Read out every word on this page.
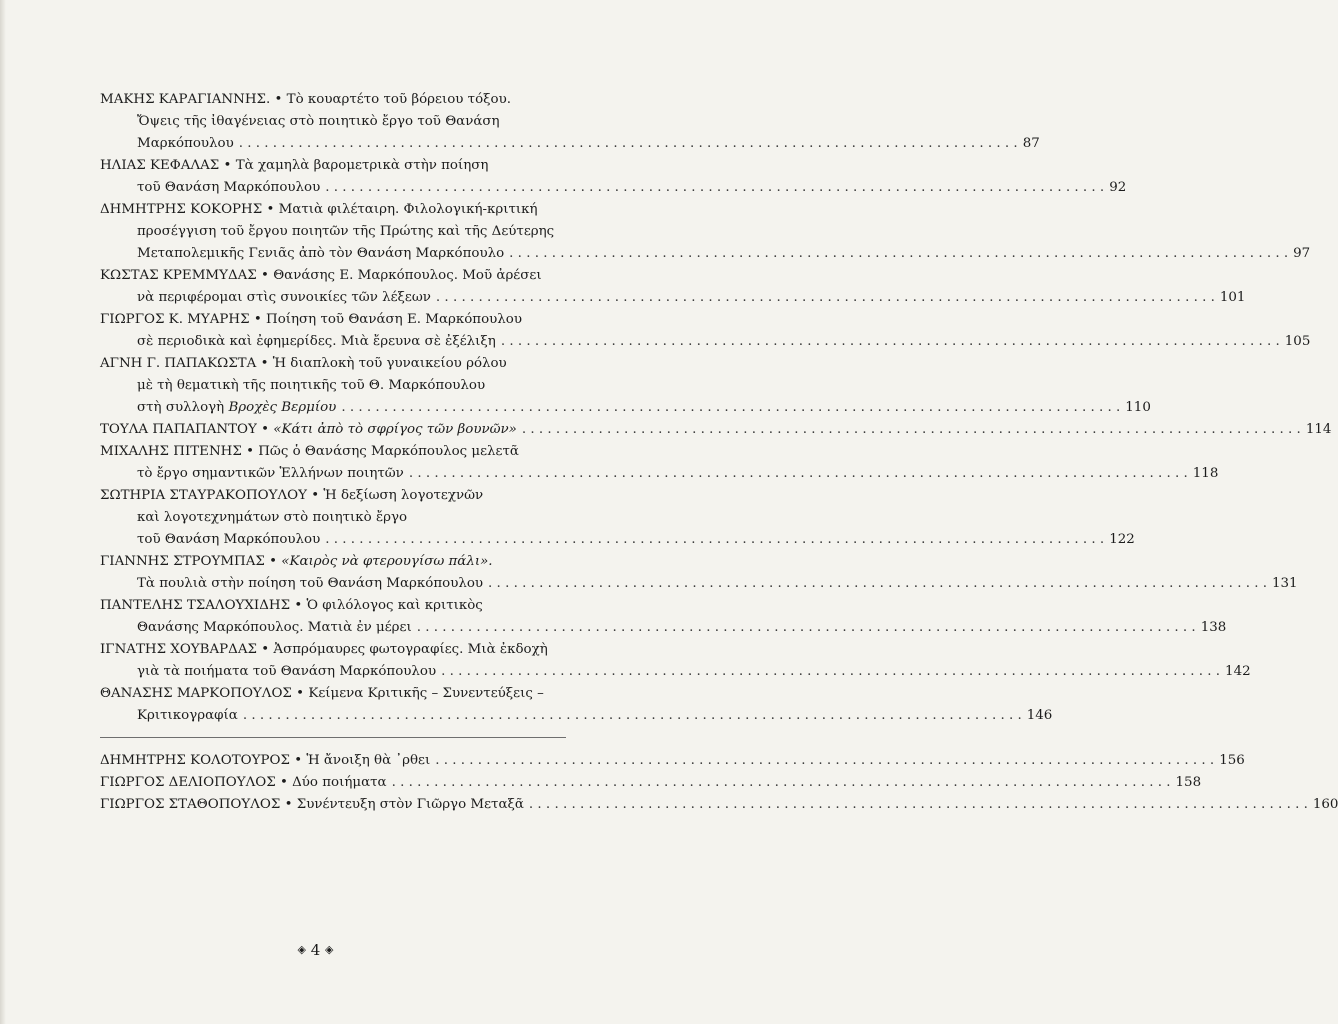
ΜΑΚΗΣ ΚΑΡΑΓΙΑΝΝΗΣ. • Τὸ κουαρτέτο τοῦ βόρειου τόξου.
Ὄψεις τῆς ἰθαγένειας στὸ ποιητικὸ ἔργο τοῦ Θανάση
Μαρκόπουλου . . .	87
ΗΛΙΑΣ ΚΕΦΑΛΑΣ • Τὰ χαμηλὰ βαρομετρικὰ στὴν ποίηση
τοῦ Θανάση Μαρκόπουλου . . .	92
ΔΗΜΗΤΡΗΣ ΚΟΚΟΡΗΣ • Ματιὰ φιλέταιρη. Φιλολογική-κριτική
προσέγγιση τοῦ ἔργου ποιητῶν τῆς Πρώτης καὶ τῆς Δεύτερης
Μεταπολεμικῆς Γενιᾶς ἀπὸ τὸν Θανάση Μαρκόπουλο . . .	97
ΚΩΣΤΑΣ ΚΡΕΜΜΥΔΑΣ • Θανάσης Ε. Μαρκόπουλος. Μοῦ ἀρέσει
νὰ περιφέρομαι στὶς συνοικίες τῶν λέξεων . . .	101
ΓΙΩΡΓΟΣ Κ. ΜΥΑΡΗΣ • Ποίηση τοῦ Θανάση Ε. Μαρκόπουλου
σὲ περιοδικὰ καὶ ἐφημερίδες. Μιὰ ἔρευνα σὲ ἐξέλιξη . . .	105
ΑΓΝΗ Γ. ΠΑΠΑΚΩΣΤΑ • Ἡ διαπλοκὴ τοῦ γυναικείου ρόλου
μὲ τὴ θεματικὴ τῆς ποιητικῆς τοῦ Θ. Μαρκόπουλου
στὴ συλλογὴ Βροχὲς Βερμίου . . .	110
ΤΟΥΛΑ ΠΑΠΑΠΑΝΤΟΥ • «Κάτι ἀπὸ τὸ σφρίγος τῶν βουνῶν» . . .	114
ΜΙΧΑΛΗΣ ΠΙΤΕΝΗΣ • Πῶς ὁ Θανάσης Μαρκόπουλος μελετᾶ
τὸ ἔργο σημαντικῶν Ἑλλήνων ποιητῶν . . .	118
ΣΩΤΗΡΙΑ ΣΤΑΥΡΑΚΟΠΟΥΛΟΥ • Ἡ δεξίωση λογοτεχνῶν
καὶ λογοτεχνημάτων στὸ ποιητικὸ ἔργο
τοῦ Θανάση Μαρκόπουλου . . .	122
ΓΙΑΝΝΗΣ ΣΤΡΟΥΜΠΑΣ • «Καιρὸς νὰ φτερουγίσω πάλι».
Τὰ πουλιὰ στὴν ποίηση τοῦ Θανάση Μαρκόπουλου . . .	131
ΠΑΝΤΕΛΗΣ ΤΣΑΛΟΥΧΙΔΗΣ • Ὁ φιλόλογος καὶ κριτικὸς
Θανάσης Μαρκόπουλος. Ματιὰ ἐν μέρει . . .	138
ΙΓΝΑΤΗΣ ΧΟΥΒΑΡΔΑΣ • Ἀσπρόμαυρες φωτογραφίες. Μιὰ ἐκδοχὴ
γιὰ τὰ ποιήματα τοῦ Θανάση Μαρκόπουλου . . .	142
ΘΑΝΑΣΗΣ ΜΑΡΚΟΠΟΥΛΟΣ • Κείμενα Κριτικῆς – Συνεντεύξεις –
Κριτικογραφία . . .	146
ΔΗΜΗΤΡΗΣ ΚΟΛΟΤΟΥΡΟΣ • Ἡ ἄνοιξη θὰ ᾽ρθει . . .	156
ΓΙΩΡΓΟΣ ΔΕΛΙΟΠΟΥΛΟΣ • Δύο ποιήματα . . .	158
ΓΙΩΡΓΟΣ ΣΤΑΘΟΠΟΥΛΟΣ • Συνέντευξη στὸν Γιῶργο Μεταξᾶ . . .	160
◈ 4 ◈
